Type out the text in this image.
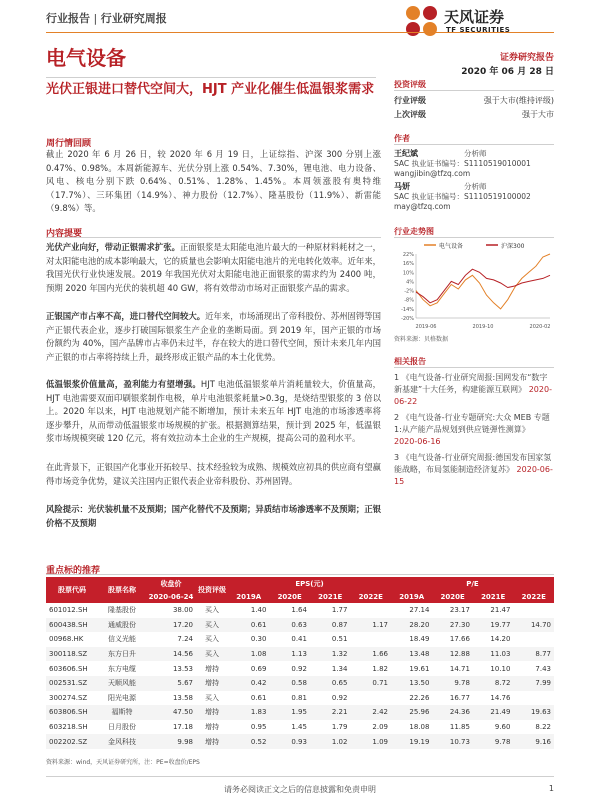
行业报告 | 行业研究周报	天风证券
TF SECURITIES
电气设备	证券研究报告
2020 年 06 月 28 日
光伏正银进口替代空间大，HJT 产业化催生低温银浆需求
周行情回顾
截止 2020 年 6 月 26 日，较 2020 年 6 月 19 日，上证综指、沪深 300 分别上涨 0.47%、0.98%。本周新能源车、光伏分别上涨 0.54%、7.30%，锂电池、电力设备、风电、核电分别下跌 0.64%、0.51%、1.28%、1.45%。本周领涨股有奥特维（17.7%）、三环集团（14.9%）、神力股份（12.7%）、隆基股份（11.9%）、新雷能（9.8%）等。
内容提要
光伏产业向好，带动正银需求扩张。正面银浆是太阳能电池片最大的一种原材料耗材之一，对太阳能电池的成本影响最大，它的质量也会影响太阳能电池片的光电转化效率。近年来，我国光伏行业快速发展。2019 年我国光伏对太阳能电池正面银浆的需求约为 2400 吨，预期 2020 年国内光伏的装机超 40 GW，将有效带动市场对正面银浆产品的需求。
正银国产市占率不高，进口替代空间较大。近年来，市场涌现出了帝科股份、苏州固锝等国产正银代表企业，逐步打破国际银浆生产企业的垄断局面。到 2019 年，国产正银的市场份额约为 40%，国产品牌市占率仍未过半，存在较大的进口替代空间，预计未来几年内国产正银的市占率将持续上升，最终形成正银产品的本土化优势。
低温银浆价值量高，盈利能力有望增强。HJT 电池低温银浆单片消耗量较大，价值量高，HJT 电池需要双面印刷银浆制作电极，单片电池银浆耗量>0.3g，是烧结型银浆的 3 倍以上。2020 年以来，HJT 电池规划产能不断增加，预计未来五年 HJT 电池的市场渗透率将逐步攀升，从而带动低温银浆市场规模的扩张。根据测算结果，预计到 2025 年，低温银浆市场规模突破 120 亿元，将有效拉动本土企业的生产规模，提高公司的盈利水平。
在此背景下，正银国产化事业开拓较早、技术经验较为成熟、规模效应初具的供应商有望赢得市场竞争优势，建议关注国内正银代表企业帝科股份、苏州固锝。
风险提示：光伏装机量不及预期；国产化替代不及预期；异质结市场渗透率不及预期；正银价格不及预期
投资评级
行业评级	强于大市(维持评级)
上次评级	强于大市
作者
王纪斌	分析师
SAC 执业证书编号：S1110519010001
wangjibin@tfzq.com
马妍	分析师
SAC 执业证书编号：S1110519100002
may@tfzq.com
行业走势图
电气设备	沪深300
22%
16%
10%
4%
-2%
-8%
-14%
-20%
2019-06	2019-10	2020-02
资料来源：贝格数据
相关报告
1 《电气设备-行业研究周报:国网发布“数字新基建”十大任务，构建能源互联网》 2020-06-22
2 《电气设备-行业专题研究:大众 MEB 专题1:从产能产品规划到供应链弹性测算》 2020-06-16
3 《电气设备-行业研究周报:德国发布国家氢能战略，布局氢能制造经济复苏》 2020-06-15
重点标的推荐
股票代码	股票名称	收盘价	投资评级	EPS(元)				P/E			
		2020-06-24		2019A	2020E	2021E	2022E	2019A	2020E	2021E	2022E
601012.SH	隆基股份	38.00	买入	1.40	1.64	1.77		27.14	23.17	21.47	
600438.SH	通威股份	17.20	买入	0.61	0.63	0.87	1.17	28.20	27.30	19.77	14.70
00968.HK	信义光能	7.24	买入	0.30	0.41	0.51		18.49	17.66	14.20	
300118.SZ	东方日升	14.56	买入	1.08	1.13	1.32	1.66	13.48	12.88	11.03	8.77
603606.SH	东方电缆	13.53	增持	0.69	0.92	1.34	1.82	19.61	14.71	10.10	7.43
002531.SZ	天顺风能	5.67	增持	0.42	0.58	0.65	0.71	13.50	9.78	8.72	7.99
300274.SZ	阳光电源	13.58	买入	0.61	0.81	0.92		22.26	16.77	14.76	
603806.SH	福斯特	47.50	增持	1.83	1.95	2.21	2.42	25.96	24.36	21.49	19.63
603218.SH	日月股份	17.18	增持	0.95	1.45	1.79	2.09	18.08	11.85	9.60	8.22
002202.SZ	金风科技	9.98	增持	0.52	0.93	1.02	1.09	19.19	10.73	9.78	9.16
资料来源：wind，天风证券研究所，注：PE=收盘价/EPS
请务必阅读正文之后的信息披露和免责申明	1
